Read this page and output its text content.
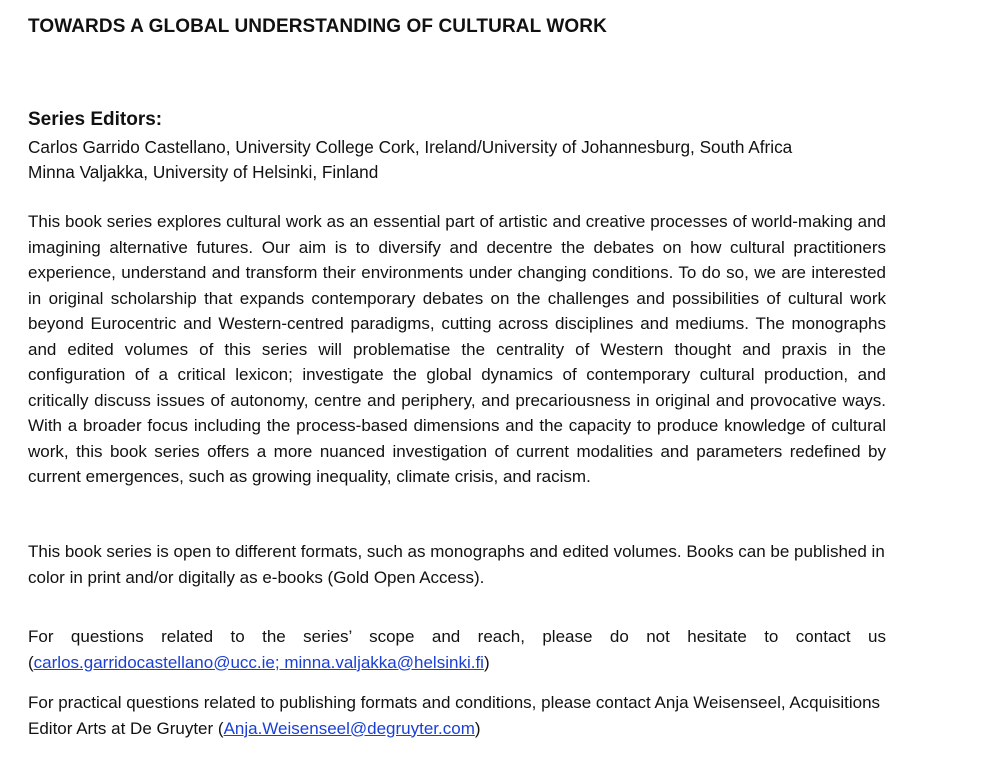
TOWARDS A GLOBAL UNDERSTANDING OF CULTURAL WORK
Series Editors:
Carlos Garrido Castellano, University College Cork, Ireland/University of Johannesburg, South Africa
Minna Valjakka, University of Helsinki, Finland
This book series explores cultural work as an essential part of artistic and creative processes of world-making and imagining alternative futures. Our aim is to diversify and decentre the debates on how cultural practitioners experience, understand and transform their environments under changing conditions. To do so, we are interested in original scholarship that expands contemporary debates on the challenges and possibilities of cultural work beyond Eurocentric and Western-centred paradigms, cutting across disciplines and mediums. The monographs and edited volumes of this series will problematise the centrality of Western thought and praxis in the configuration of a critical lexicon; investigate the global dynamics of contemporary cultural production, and critically discuss issues of autonomy, centre and periphery, and precariousness in original and provocative ways. With a broader focus including the process-based dimensions and the capacity to produce knowledge of cultural work, this book series offers a more nuanced investigation of current modalities and parameters redefined by current emergences, such as growing inequality, climate crisis, and racism.
This book series is open to different formats, such as monographs and edited volumes. Books can be published in color in print and/or digitally as e-books (Gold Open Access).
For questions related to the series’ scope and reach, please do not hesitate to contact us (carlos.garridocastellano@ucc.ie; minna.valjakka@helsinki.fi)
For practical questions related to publishing formats and conditions, please contact Anja Weisenseel, Acquisitions Editor Arts at De Gruyter (Anja.Weisenseel@degruyter.com)
